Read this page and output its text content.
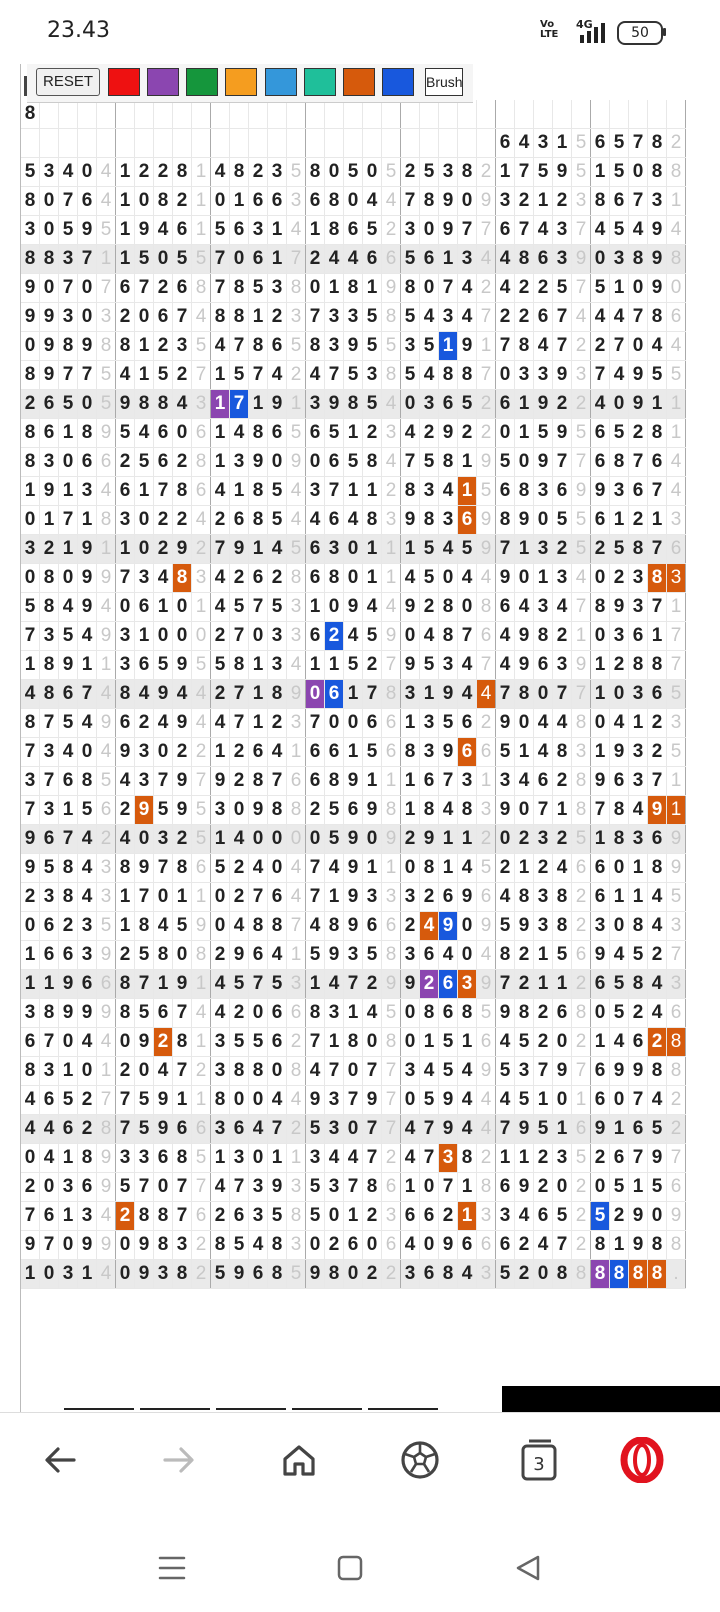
23.43	Vo
LTE
4G
50
8																																		
																									6	4	3	1	5	6	5	7	8	2
5	3	4	0	4	1	2	2	8	1	4	8	2	3	5	8	0	5	0	5	2	5	3	8	2	1	7	5	9	5	1	5	0	8	8
8	0	7	6	4	1	0	8	2	1	0	1	6	6	3	6	8	0	4	4	7	8	9	0	9	3	2	1	2	3	8	6	7	3	1
3	0	5	9	5	1	9	4	6	1	5	6	3	1	4	1	8	6	5	2	3	0	9	7	7	6	7	4	3	7	4	5	4	9	4
8	8	3	7	1	1	5	0	5	5	7	0	6	1	7	2	4	4	6	6	5	6	1	3	4	4	8	6	3	9	0	3	8	9	8
9	0	7	0	7	6	7	2	6	8	7	8	5	3	8	0	1	8	1	9	8	0	7	4	2	4	2	2	5	7	5	1	0	9	0
9	9	3	0	3	2	0	6	7	4	8	8	1	2	3	7	3	3	5	8	5	4	3	4	7	2	2	6	7	4	4	4	7	8	6
0	9	8	9	8	8	1	2	3	5	4	7	8	6	5	8	3	9	5	5	3	5	1	9	1	7	8	4	7	2	2	7	0	4	4
8	9	7	7	5	4	1	5	2	7	1	5	7	4	2	4	7	5	3	8	5	4	8	8	7	0	3	3	9	3	7	4	9	5	5
2	6	5	0	5	9	8	8	4	3	1	7	1	9	1	3	9	8	5	4	0	3	6	5	2	6	1	9	2	2	4	0	9	1	1
8	6	1	8	9	5	4	6	0	6	1	4	8	6	5	6	5	1	2	3	4	2	9	2	2	0	1	5	9	5	6	5	2	8	1
8	3	0	6	6	2	5	6	2	8	1	3	9	0	9	0	6	5	8	4	7	5	8	1	9	5	0	9	7	7	6	8	7	6	4
1	9	1	3	4	6	1	7	8	6	4	1	8	5	4	3	7	1	1	2	8	3	4	1	5	6	8	3	6	9	9	3	6	7	4
0	1	7	1	8	3	0	2	2	4	2	6	8	5	4	4	6	4	8	3	9	8	3	6	9	8	9	0	5	5	6	1	2	1	3
3	2	1	9	1	1	0	2	9	2	7	9	1	4	5	6	3	0	1	1	1	5	4	5	9	7	1	3	2	5	2	5	8	7	6
0	8	0	9	9	7	3	4	8	3	4	2	6	2	8	6	8	0	1	1	4	5	0	4	4	9	0	1	3	4	0	2	3	8	3
5	8	4	9	4	0	6	1	0	1	4	5	7	5	3	1	0	9	4	4	9	2	8	0	8	6	4	3	4	7	8	9	3	7	1
7	3	5	4	9	3	1	0	0	0	2	7	0	3	3	6	2	4	5	9	0	4	8	7	6	4	9	8	2	1	0	3	6	1	7
1	8	9	1	1	3	6	5	9	5	5	8	1	3	4	1	1	5	2	7	9	5	3	4	7	4	9	6	3	9	1	2	8	8	7
4	8	6	7	4	8	4	9	4	4	2	7	1	8	9	0	6	1	7	8	3	1	9	4	4	7	8	0	7	7	1	0	3	6	5
8	7	5	4	9	6	2	4	9	4	4	7	1	2	3	7	0	0	6	6	1	3	5	6	2	9	0	4	4	8	0	4	1	2	3
7	3	4	0	4	9	3	0	2	2	1	2	6	4	1	6	6	1	5	6	8	3	9	6	6	5	1	4	8	3	1	9	3	2	5
3	7	6	8	5	4	3	7	9	7	9	2	8	7	6	6	8	9	1	1	1	6	7	3	1	3	4	6	2	8	9	6	3	7	1
7	3	1	5	6	2	9	5	9	5	3	0	9	8	8	2	5	6	9	8	1	8	4	8	3	9	0	7	1	8	7	8	4	9	1
9	6	7	4	2	4	0	3	2	5	1	4	0	0	0	0	5	9	0	9	2	9	1	1	2	0	2	3	2	5	1	8	3	6	9
9	5	8	4	3	8	9	7	8	6	5	2	4	0	4	7	4	9	1	1	0	8	1	4	5	2	1	2	4	6	6	0	1	8	9
2	3	8	4	3	1	7	0	1	1	0	2	7	6	4	7	1	9	3	3	3	2	6	9	6	4	8	3	8	2	6	1	1	4	5
0	6	2	3	5	1	8	4	5	9	0	4	8	8	7	4	8	9	6	6	2	4	9	0	9	5	9	3	8	2	3	0	8	4	3
1	6	6	3	9	2	5	8	0	8	2	9	6	4	1	5	9	3	5	8	3	6	4	0	4	8	2	1	5	6	9	4	5	2	7
1	1	9	6	6	8	7	1	9	1	4	5	7	5	3	1	4	7	2	9	9	2	6	3	9	7	2	1	1	2	6	5	8	4	3
3	8	9	9	9	8	5	6	7	4	4	2	0	6	6	8	3	1	4	5	0	8	6	8	5	9	8	2	6	8	0	5	2	4	6
6	7	0	4	4	0	9	2	8	1	3	5	5	6	2	7	1	8	0	8	0	1	5	1	6	4	5	2	0	2	1	4	6	2	8
8	3	1	0	1	2	0	4	7	2	3	8	8	0	8	4	7	0	7	7	3	4	5	4	9	5	3	7	9	7	6	9	9	8	8
4	6	5	2	7	7	5	9	1	1	8	0	0	4	4	9	3	7	9	7	0	5	9	4	4	4	5	1	0	1	6	0	7	4	2
4	4	6	2	8	7	5	9	6	6	3	6	4	7	2	5	3	0	7	7	4	7	9	4	4	7	9	5	1	6	9	1	6	5	2
0	4	1	8	9	3	3	6	8	5	1	3	0	1	1	3	4	4	7	2	4	7	3	8	2	1	1	2	3	5	2	6	7	9	7
2	0	3	6	9	5	7	0	7	7	4	7	3	9	3	5	3	7	8	6	1	0	7	1	8	6	9	2	0	2	0	5	1	5	6
7	6	1	3	4	2	8	8	7	6	2	6	3	5	8	5	0	1	2	3	6	6	2	1	3	3	4	6	5	2	5	2	9	0	9
9	7	0	9	9	0	9	8	3	2	8	5	4	8	3	0	2	6	0	6	4	0	9	6	6	6	2	4	7	2	8	1	9	8	8
1	0	3	1	4	0	9	3	8	2	5	9	6	8	5	9	8	0	2	2	3	6	8	4	3	5	2	0	8	8	8	8	8	8	.
RESET	Brush
3
